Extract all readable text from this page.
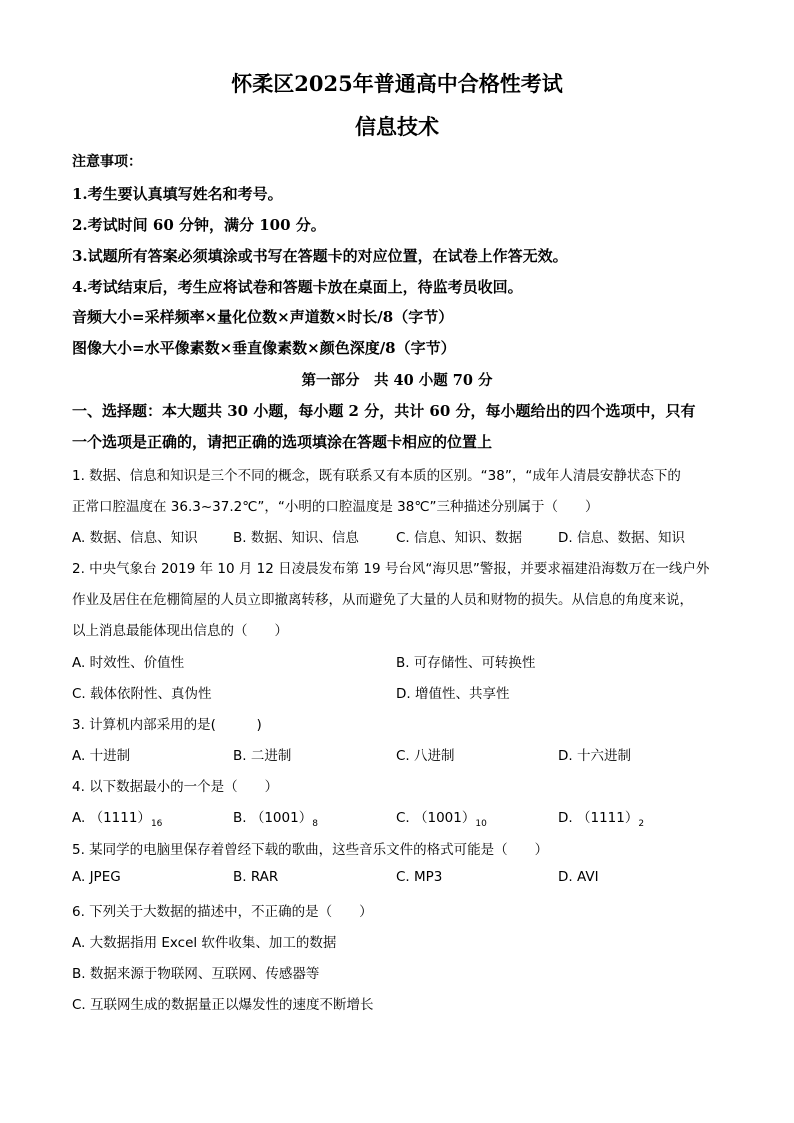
怀柔区2025年普通高中合格性考试
信息技术
注意事项：
1.考生要认真填写姓名和考号。
2.考试时间 60 分钟，满分 100 分。
3.试题所有答案必须填涂或书写在答题卡的对应位置，在试卷上作答无效。
4.考试结束后，考生应将试卷和答题卡放在桌面上，待监考员收回。
音频大小=采样频率×量化位数×声道数×时长/8（字节）
图像大小=水平像素数×垂直像素数×颜色深度/8（字节）
第一部分　共 40 小题 70 分
一、选择题：本大题共 30 小题，每小题 2 分，共计 60 分，每小题给出的四个选项中，只有
一个选项是正确的，请把正确的选项填涂在答题卡相应的位置上
1. 数据、信息和知识是三个不同的概念，既有联系又有本质的区别。“38”，“成年人清晨安静状态下的
正常口腔温度在 36.3~37.2℃”，“小明的口腔温度是 38℃”三种描述分别属于（　　）
A. 数据、信息、知识	B. 数据、知识、信息	C. 信息、知识、数据	D. 信息、数据、知识
2. 中央气象台 2019 年 10 月 12 日凌晨发布第 19 号台风“海贝思”警报，并要求福建沿海数万在一线户外
作业及居住在危棚简屋的人员立即撤离转移，从而避免了大量的人员和财物的损失。从信息的角度来说，
以上消息最能体现出信息的（　　）
A. 时效性、价值性	B. 可存储性、可转换性
C. 载体依附性、真伪性	D. 增值性、共享性
3. 计算机内部采用的是(　　　)
A. 十进制	B. 二进制	C. 八进制	D. 十六进制
4. 以下数据最小的一个是（　　）
A. $(1111)_{16}$	B. $(1001)_8$	C. $(1001)_{10}$	D. $(1111)_2$
5. 某同学的电脑里保存着曾经下载的歌曲，这些音乐文件的格式可能是（　　）
A. JPEG	B. RAR	C. MP3	D. AVI
6. 下列关于大数据的描述中，不正确的是（　　）
A. 大数据指用 Excel 软件收集、加工的数据
B. 数据来源于物联网、互联网、传感器等
C. 互联网生成的数据量正以爆发性的速度不断增长
